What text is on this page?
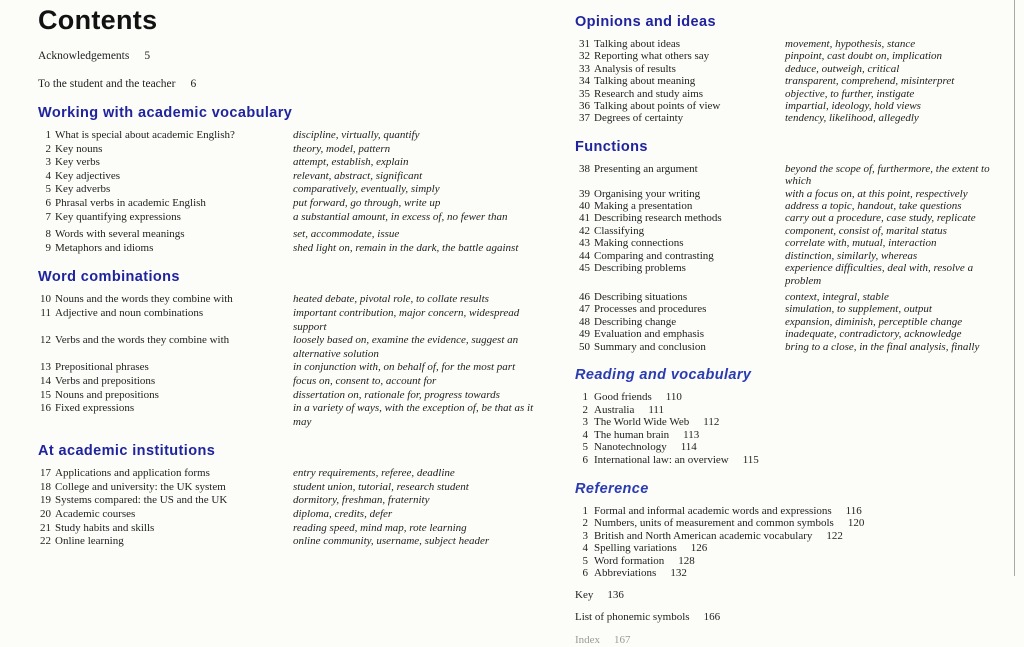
Contents
Acknowledgements 5
To the student and the teacher 6
Working with academic vocabulary
1 What is special about academic English?	discipline, virtually, quantify
2 Key nouns	theory, model, pattern
3 Key verbs	attempt, establish, explain
4 Key adjectives	relevant, abstract, significant
5 Key adverbs	comparatively, eventually, simply
6 Phrasal verbs in academic English	put forward, go through, write up
7 Key quantifying expressions	a substantial amount, in excess of, no fewer than
8 Words with several meanings	set, accommodate, issue
9 Metaphors and idioms	shed light on, remain in the dark, the battle against
Word combinations
10 Nouns and the words they combine with	heated debate, pivotal role, to collate results
11 Adjective and noun combinations	important contribution, major concern, widespread support
12 Verbs and the words they combine with	loosely based on, examine the evidence, suggest an alternative solution
13 Prepositional phrases	in conjunction with, on behalf of, for the most part
14 Verbs and prepositions	focus on, consent to, account for
15 Nouns and prepositions	dissertation on, rationale for, progress towards
16 Fixed expressions	in a variety of ways, with the exception of, be that as it may
At academic institutions
17 Applications and application forms	entry requirements, referee, deadline
18 College and university: the UK system	student union, tutorial, research student
19 Systems compared: the US and the UK	dormitory, freshman, fraternity
20 Academic courses	diploma, credits, defer
21 Study habits and skills	reading speed, mind map, rote learning
22 Online learning	online community, username, subject header
Opinions and ideas
31 Talking about ideas	movement, hypothesis, stance
32 Reporting what others say	pinpoint, cast doubt on, implication
33 Analysis of results	deduce, outweigh, critical
34 Talking about meaning	transparent, comprehend, misinterpret
35 Research and study aims	objective, to further, instigate
36 Talking about points of view	impartial, ideology, hold views
37 Degrees of certainty	tendency, likelihood, allegedly
Functions
38 Presenting an argument	beyond the scope of, furthermore, the extent to which
39 Organising your writing	with a focus on, at this point, respectively
40 Making a presentation	address a topic, handout, take questions
41 Describing research methods	carry out a procedure, case study, replicate
42 Classifying	component, consist of, marital status
43 Making connections	correlate with, mutual, interaction
44 Comparing and contrasting	distinction, similarly, whereas
45 Describing problems	experience difficulties, deal with, resolve a problem
46 Describing situations	context, integral, stable
47 Processes and procedures	simulation, to supplement, output
48 Describing change	expansion, diminish, perceptible change
49 Evaluation and emphasis	inadequate, contradictory, acknowledge
50 Summary and conclusion	bring to a close, in the final analysis, finally
Reading and vocabulary
1 Good friends 110
2 Australia 111
3 The World Wide Web 112
4 The human brain 113
5 Nanotechnology 114
6 International law: an overview 115
Reference
1 Formal and informal academic words and expressions 116
2 Numbers, units of measurement and common symbols 120
3 British and North American academic vocabulary 122
4 Spelling variations 126
5 Word formation 128
6 Abbreviations 132
Key 136
List of phonemic symbols 166
Index 167
